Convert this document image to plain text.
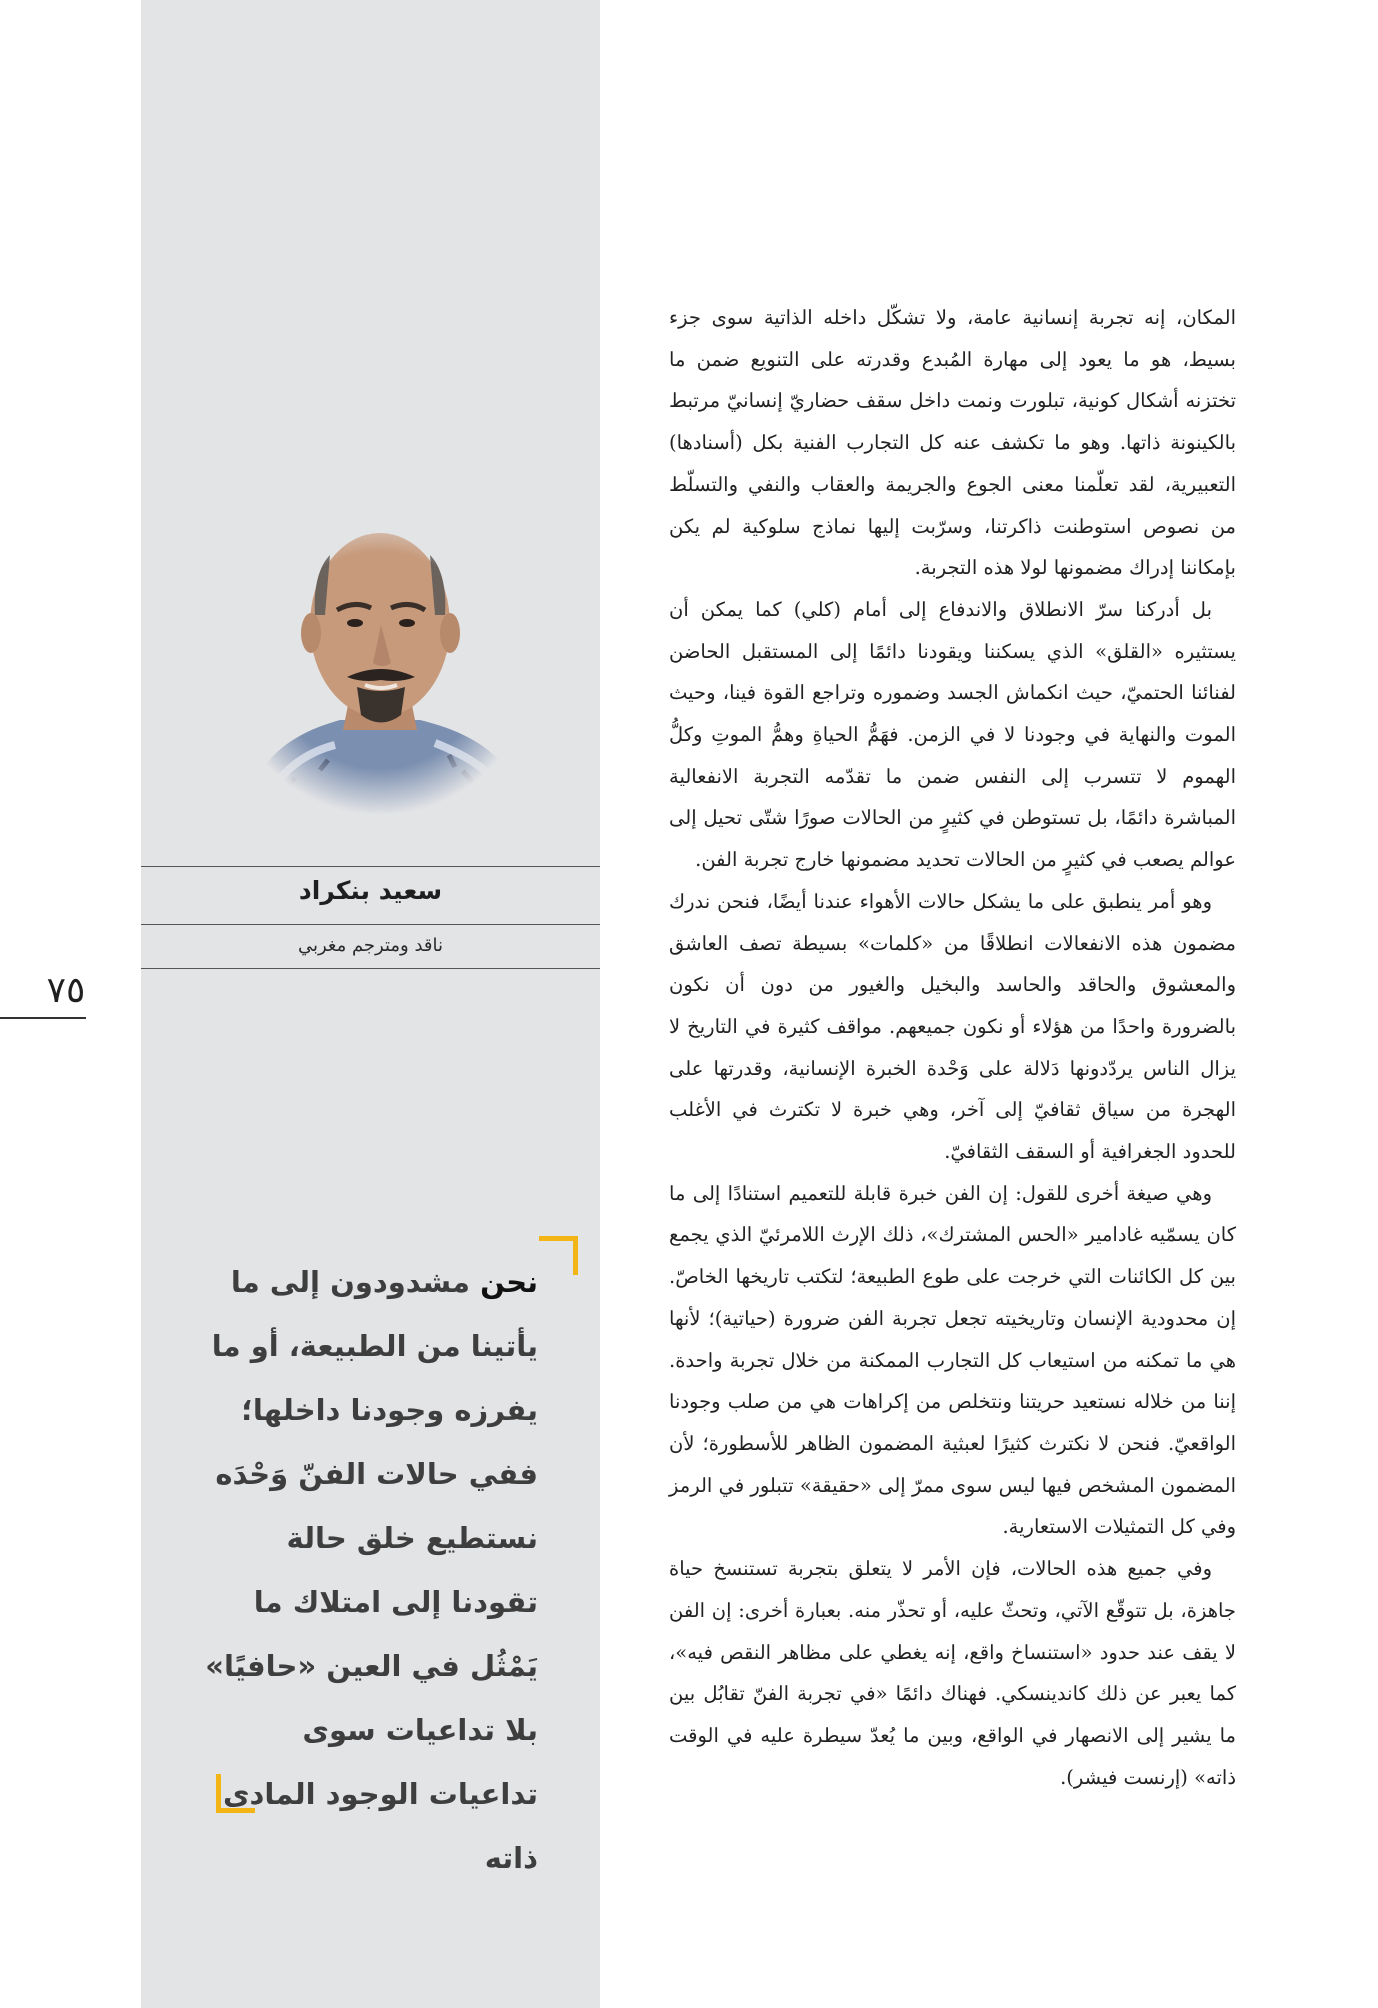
سعيد بنكراد
ناقد ومترجم مغربي
٧٥

نحن مشدودون إلى ما يأتينا من الطبيعة، أو ما يفرزه وجودنا داخلها؛ ففي حالات الفنّ وَحْدَه نستطيع خلق حالة تقودنا إلى امتلاك ما يَمْثُل في العين «حافيًا» بلا تداعيات سوى تداعيات الوجود المادي ذاته

المكان، إنه تجربة إنسانية عامة، ولا تشكّل داخله الذاتية سوى جزء بسيط، هو ما يعود إلى مهارة المُبدع وقدرته على التنويع ضمن ما تختزنه أشكال كونية، تبلورت ونمت داخل سقف حضاريّ إنسانيّ مرتبط بالكينونة ذاتها. وهو ما تكشف عنه كل التجارب الفنية بكل (أسنادها) التعبيرية، لقد تعلّمنا معنى الجوع والجريمة والعقاب والنفي والتسلّط من نصوص استوطنت ذاكرتنا، وسرّبت إليها نماذج سلوكية لم يكن بإمكاننا إدراك مضمونها لولا هذه التجربة.

بل أدركنا سرّ الانطلاق والاندفاع إلى أمام (كلي) كما يمكن أن يستثيره «القلق» الذي يسكننا ويقودنا دائمًا إلى المستقبل الحاضن لفنائنا الحتميّ، حيث انكماش الجسد وضموره وتراجع القوة فينا، وحيث الموت والنهاية في وجودنا لا في الزمن. فهَمُّ الحياةِ وهمُّ الموتِ وكلُّ الهموم لا تتسرب إلى النفس ضمن ما تقدّمه التجربة الانفعالية المباشرة دائمًا، بل تستوطن في كثيرٍ من الحالات صورًا شتّى تحيل إلى عوالم يصعب في كثيرٍ من الحالات تحديد مضمونها خارج تجربة الفن.

وهو أمر ينطبق على ما يشكل حالات الأهواء عندنا أيضًا، فنحن ندرك مضمون هذه الانفعالات انطلاقًا من «كلمات» بسيطة تصف العاشق والمعشوق والحاقد والحاسد والبخيل والغيور من دون أن نكون بالضرورة واحدًا من هؤلاء أو نكون جميعهم. مواقف كثيرة في التاريخ لا يزال الناس يردّدونها دَلالة على وَحْدة الخبرة الإنسانية، وقدرتها على الهجرة من سياق ثقافيّ إلى آخر، وهي خبرة لا تكترث في الأغلب للحدود الجغرافية أو السقف الثقافيّ.

وهي صيغة أخرى للقول: إن الفن خبرة قابلة للتعميم استنادًا إلى ما كان يسمّيه غادامير «الحس المشترك»، ذلك الإرث اللامرئيّ الذي يجمع بين كل الكائنات التي خرجت على طوع الطبيعة؛ لتكتب تاريخها الخاصّ. إن محدودية الإنسان وتاريخيته تجعل تجربة الفن ضرورة (حياتية)؛ لأنها هي ما تمكنه من استيعاب كل التجارب الممكنة من خلال تجربة واحدة. إننا من خلاله نستعيد حريتنا ونتخلص من إكراهات هي من صلب وجودنا الواقعيّ. فنحن لا نكترث كثيرًا لعبثية المضمون الظاهر للأسطورة؛ لأن المضمون المشخص فيها ليس سوى ممرّ إلى «حقيقة» تتبلور في الرمز وفي كل التمثيلات الاستعارية.

وفي جميع هذه الحالات، فإن الأمر لا يتعلق بتجربة تستنسخ حياة جاهزة، بل تتوقّع الآتي، وتحثّ عليه، أو تحذّر منه. بعبارة أخرى: إن الفن لا يقف عند حدود «استنساخ واقع، إنه يغطي على مظاهر النقص فيه»، كما يعبر عن ذلك كاندينسكي. فهناك دائمًا «في تجربة الفنّ تقابُل بين ما يشير إلى الانصهار في الواقع، وبين ما يُعدّ سيطرة عليه في الوقت ذاته» (إرنست فيشر).
